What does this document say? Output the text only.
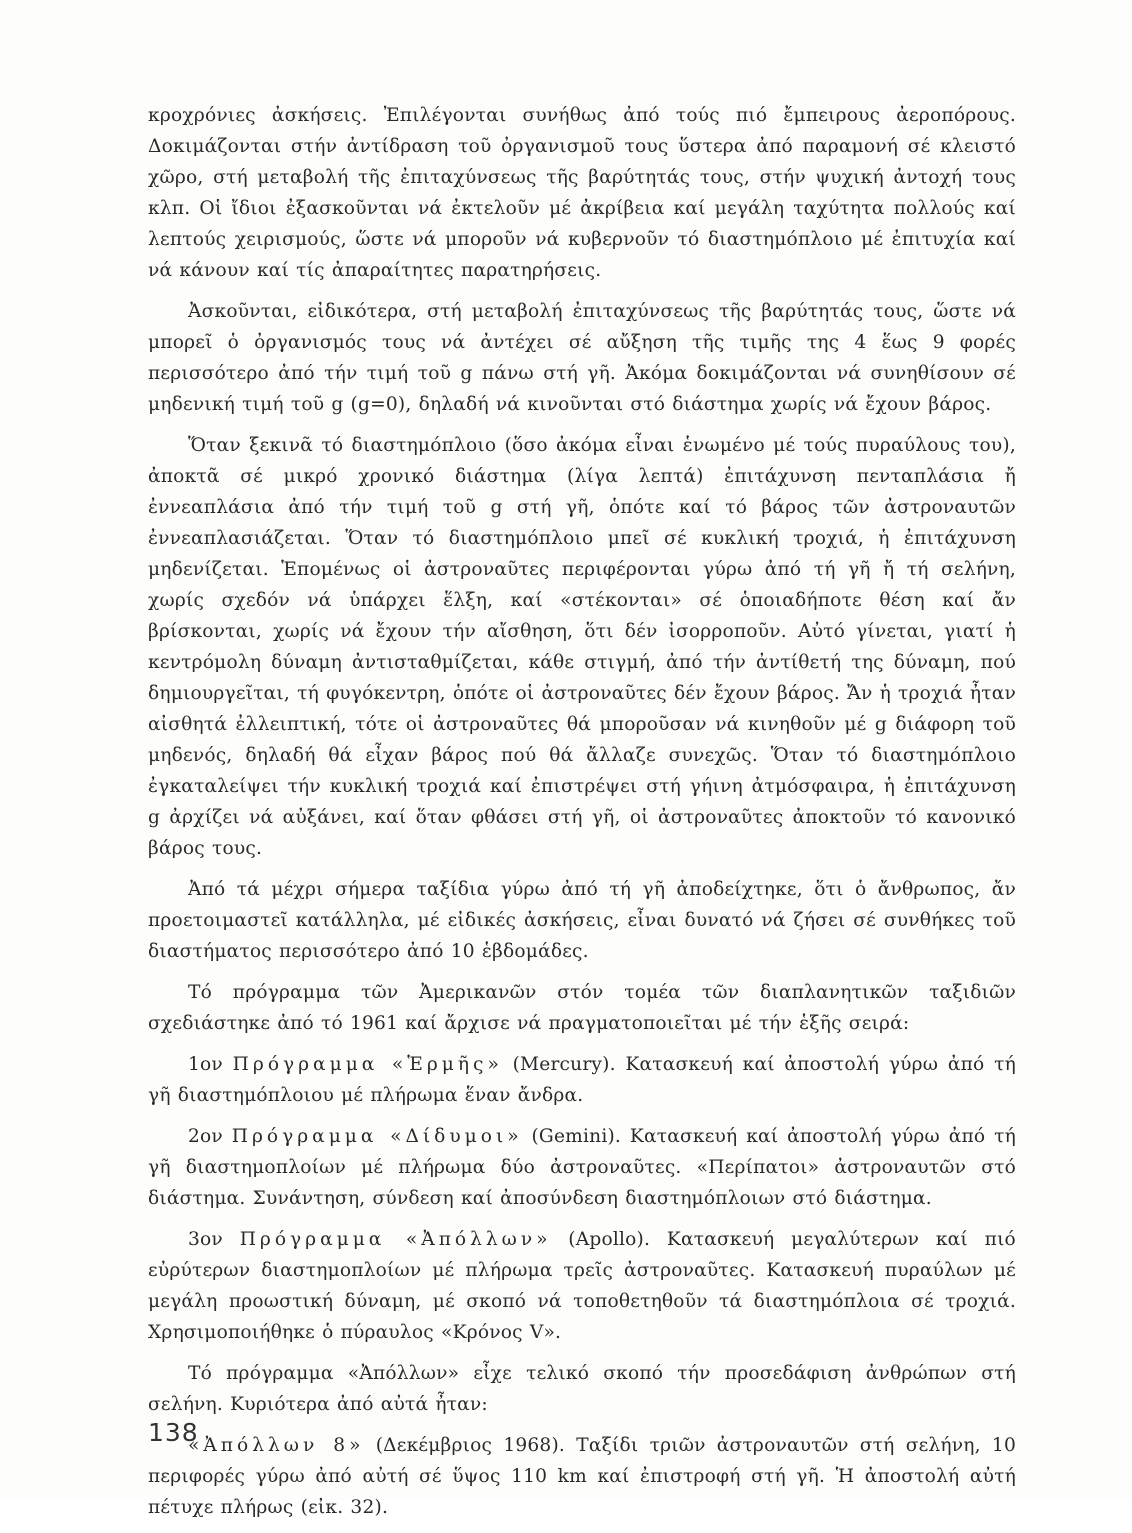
κροχρόνιες ἀσκήσεις. Ἐπιλέγονται συνήθως ἀπό τούς πιό ἔμπειρους ἀεροπόρους. Δοκιμάζονται στήν ἀντίδραση τοῦ ὀργανισμοῦ τους ὕστερα ἀπό παραμονή σέ κλειστό χῶρο, στή μεταβολή τῆς ἐπιταχύνσεως τῆς βαρύτητάς τους, στήν ψυχική ἀντοχή τους κλπ. Οἱ ἴδιοι ἐξασκοῦνται νά ἐκτελοῦν μέ ἀκρίβεια καί μεγάλη ταχύτητα πολλούς καί λεπτούς χειρισμούς, ὥστε νά μποροῦν νά κυβερνοῦν τό διαστημόπλοιο μέ ἐπιτυχία καί νά κάνουν καί τίς ἀπαραίτητες παρατηρήσεις.

Ἀσκοῦνται, εἰδικότερα, στή μεταβολή ἐπιταχύνσεως τῆς βαρύτητάς τους, ὥστε νά μπορεῖ ὁ ὀργανισμός τους νά ἀντέχει σέ αὔξηση τῆς τιμῆς της 4 ἕως 9 φορές περισσότερο ἀπό τήν τιμή τοῦ g πάνω στή γῆ. Ἀκόμα δοκιμάζονται νά συνηθίσουν σέ μηδενική τιμή τοῦ g (g=0), δηλαδή νά κινοῦνται στό διάστημα χωρίς νά ἔχουν βάρος.

Ὅταν ξεκινᾶ τό διαστημόπλοιο (ὅσο ἀκόμα εἶναι ἑνωμένο μέ τούς πυραύλους του), ἀποκτᾶ σέ μικρό χρονικό διάστημα (λίγα λεπτά) ἐπιτάχυνση πενταπλάσια ἤ ἐννεαπλάσια ἀπό τήν τιμή τοῦ g στή γῆ, ὁπότε καί τό βάρος τῶν ἀστροναυτῶν ἐννεαπλασιάζεται. Ὅταν τό διαστημόπλοιο μπεῖ σέ κυκλική τροχιά, ἡ ἐπιτάχυνση μηδενίζεται. Ἑπομένως οἱ ἀστροναῦτες περιφέρονται γύρω ἀπό τή γῆ ἤ τή σελήνη, χωρίς σχεδόν νά ὑπάρχει ἕλξη, καί «στέκονται» σέ ὁποιαδήποτε θέση καί ἄν βρίσκονται, χωρίς νά ἔχουν τήν αἴσθηση, ὅτι δέν ἰσορροποῦν. Αὐτό γίνεται, γιατί ἡ κεντρόμολη δύναμη ἀντισταθμίζεται, κάθε στιγμή, ἀπό τήν ἀντίθετή της δύναμη, πού δημιουργεῖται, τή φυγόκεντρη, ὁπότε οἱ ἀστροναῦτες δέν ἔχουν βάρος. Ἄν ἡ τροχιά ἦταν αἰσθητά ἐλλειπτική, τότε οἱ ἀστροναῦτες θά μποροῦσαν νά κινηθοῦν μέ g διάφορη τοῦ μηδενός, δηλαδή θά εἶχαν βάρος πού θά ἄλλαζε συνεχῶς. Ὅταν τό διαστημόπλοιο ἐγκαταλείψει τήν κυκλική τροχιά καί ἐπιστρέψει στή γήινη ἀτμόσφαιρα, ἡ ἐπιτάχυνση g ἀρχίζει νά αὐξάνει, καί ὅταν φθάσει στή γῆ, οἱ ἀστροναῦτες ἀποκτοῦν τό κανονικό βάρος τους.

Ἀπό τά μέχρι σήμερα ταξίδια γύρω ἀπό τή γῆ ἀποδείχτηκε, ὅτι ὁ ἄνθρωπος, ἄν προετοιμαστεῖ κατάλληλα, μέ εἰδικές ἀσκήσεις, εἶναι δυνατό νά ζήσει σέ συνθήκες τοῦ διαστήματος περισσότερο ἀπό 10 ἑβδομάδες.

Τό πρόγραμμα τῶν Ἀμερικανῶν στόν τομέα τῶν διαπλανητικῶν ταξιδιῶν σχεδιάστηκε ἀπό τό 1961 καί ἄρχισε νά πραγματοποιεῖται μέ τήν ἑξῆς σειρά:

1ον Πρόγραμμα «Ἑρμῆς» (Mercury). Κατασκευή καί ἀποστολή γύρω ἀπό τή γῆ διαστημόπλοιου μέ πλήρωμα ἕναν ἄνδρα.

2ον Πρόγραμμα «Δίδυμοι» (Gemini). Κατασκευή καί ἀποστολή γύρω ἀπό τή γῆ διαστημοπλοίων μέ πλήρωμα δύο ἀστροναῦτες. «Περίπατοι» ἀστροναυτῶν στό διάστημα. Συνάντηση, σύνδεση καί ἀποσύνδεση διαστημόπλοιων στό διάστημα.

3ον Πρόγραμμα «Ἀπόλλων» (Apollo). Κατασκευή μεγαλύτερων καί πιό εὐρύτερων διαστημοπλοίων μέ πλήρωμα τρεῖς ἀστροναῦτες. Κατασκευή πυραύλων μέ μεγάλη προωστική δύναμη, μέ σκοπό νά τοποθετηθοῦν τά διαστημόπλοια σέ τροχιά. Χρησιμοποιήθηκε ὁ πύραυλος «Κρόνος V».

Τό πρόγραμμα «Ἀπόλλων» εἶχε τελικό σκοπό τήν προσεδάφιση ἀνθρώπων στή σελήνη. Κυριότερα ἀπό αὐτά ἦταν:

«Ἀπόλλων 8» (Δεκέμβριος 1968). Ταξίδι τριῶν ἀστροναυτῶν στή σελήνη, 10 περιφορές γύρω ἀπό αὐτή σέ ὕψος 110 km καί ἐπιστροφή στή γῆ. Ἡ ἀποστολή αὐτή πέτυχε πλήρως (εἰκ. 32).

138
